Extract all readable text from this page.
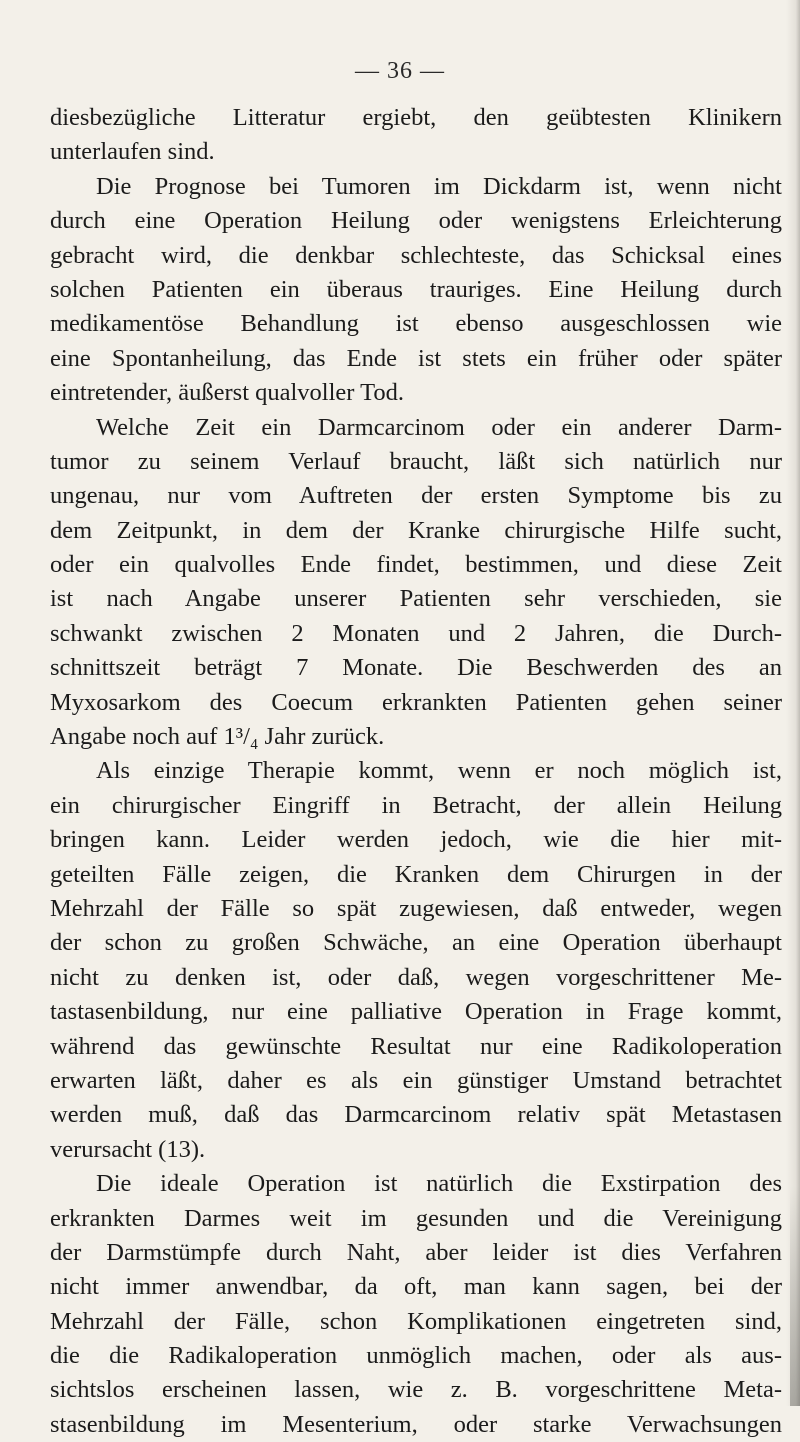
— 36 —
diesbezügliche Litteratur ergiebt, den geübtesten Klinikern
unterlaufen sind.
Die Prognose bei Tumoren im Dickdarm ist, wenn nicht
durch eine Operation Heilung oder wenigstens Erleichterung
gebracht wird, die denkbar schlechteste, das Schicksal eines
solchen Patienten ein überaus trauriges. Eine Heilung durch
medikamentöse Behandlung ist ebenso ausgeschlossen wie
eine Spontanheilung, das Ende ist stets ein früher oder später
eintretender, äußerst qualvoller Tod.
Welche Zeit ein Darmcarcinom oder ein anderer Darm-
tumor zu seinem Verlauf braucht, läßt sich natürlich nur
ungenau, nur vom Auftreten der ersten Symptome bis zu
dem Zeitpunkt, in dem der Kranke chirurgische Hilfe sucht,
oder ein qualvolles Ende findet, bestimmen, und diese Zeit
ist nach Angabe unserer Patienten sehr verschieden, sie
schwankt zwischen 2 Monaten und 2 Jahren, die Durch-
schnittszeit beträgt 7 Monate. Die Beschwerden des an
Myxosarkom des Coecum erkrankten Patienten gehen seiner
Angabe noch auf 1³/₄ Jahr zurück.
Als einzige Therapie kommt, wenn er noch möglich ist,
ein chirurgischer Eingriff in Betracht, der allein Heilung
bringen kann. Leider werden jedoch, wie die hier mit-
geteilten Fälle zeigen, die Kranken dem Chirurgen in der
Mehrzahl der Fälle so spät zugewiesen, daß entweder, wegen
der schon zu großen Schwäche, an eine Operation überhaupt
nicht zu denken ist, oder daß, wegen vorgeschrittener Me-
tastasenbildung, nur eine palliative Operation in Frage kommt,
während das gewünschte Resultat nur eine Radikoloperation
erwarten läßt, daher es als ein günstiger Umstand betrachtet
werden muß, daß das Darmcarcinom relativ spät Metastasen
verursacht (13).
Die ideale Operation ist natürlich die Exstirpation des
erkrankten Darmes weit im gesunden und die Vereinigung
der Darmstümpfe durch Naht, aber leider ist dies Verfahren
nicht immer anwendbar, da oft, man kann sagen, bei der
Mehrzahl der Fälle, schon Komplikationen eingetreten sind,
die die Radikaloperation unmöglich machen, oder als aus-
sichtslos erscheinen lassen, wie z. B. vorgeschrittene Meta-
stasenbildung im Mesenterium, oder starke Verwachsungen
